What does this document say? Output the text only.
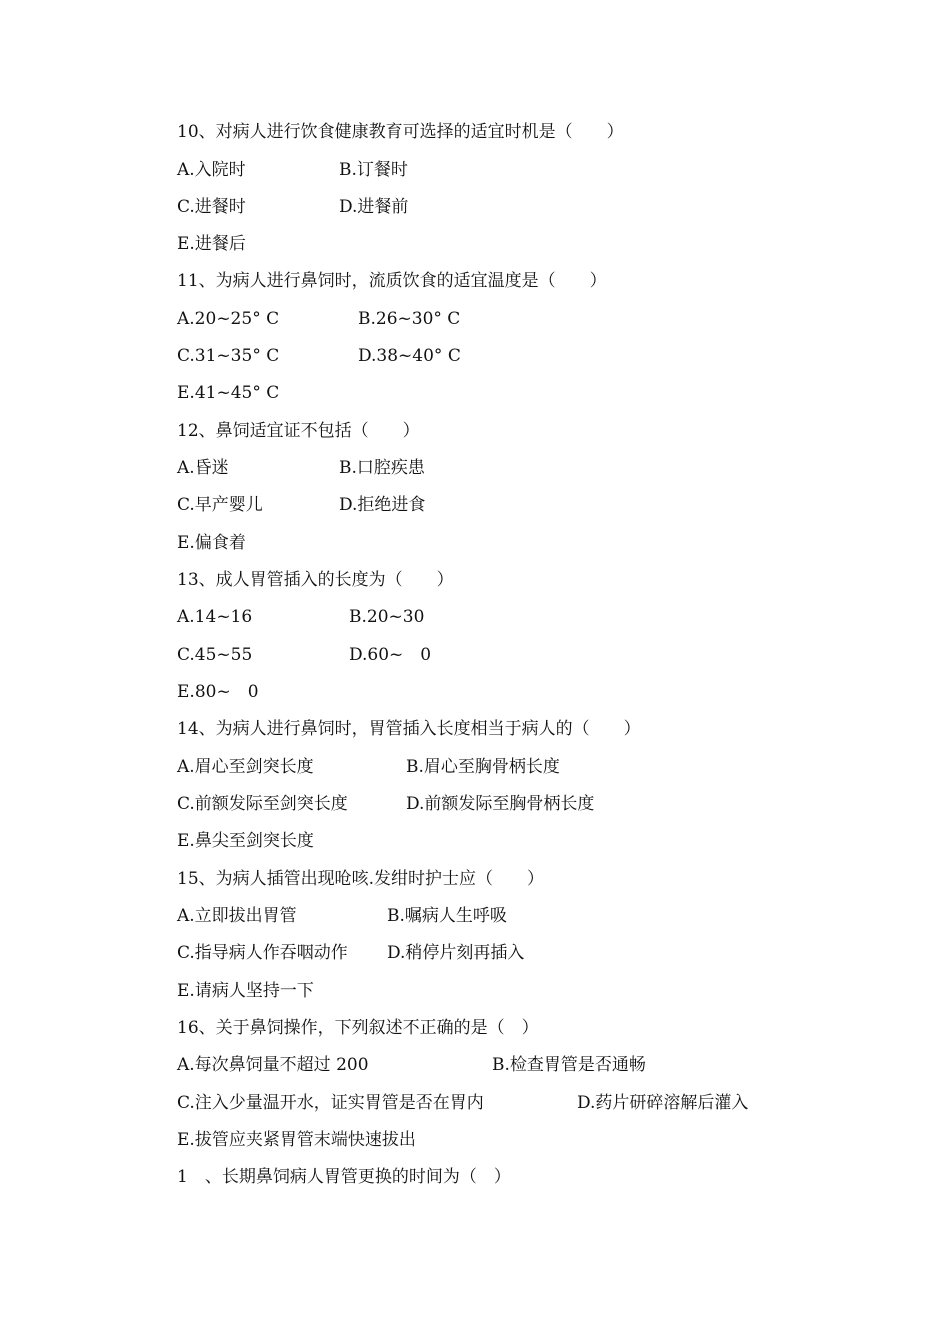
10、对病人进行饮食健康教育可选择的适宜时机是（　　）
A.入院时	B.订餐时
C.进餐时	D.进餐前
E.进餐后
11、为病人进行鼻饲时，流质饮食的适宜温度是（　　）
A.20~25° C	B.26~30° C
C.31~35° C	D.38~40° C
E.41~45° C
12、鼻饲适宜证不包括（　　）
A.昏迷	B.口腔疾患
C.早产婴儿	D.拒绝进食
E.偏食着
13、成人胃管插入的长度为（　　）
A.14~16	B.20~30
C.45~55	D.60~　0
E.80~　0
14、为病人进行鼻饲时，胃管插入长度相当于病人的（　　）
A.眉心至剑突长度	B.眉心至胸骨柄长度
C.前额发际至剑突长度	D.前额发际至胸骨柄长度
E.鼻尖至剑突长度
15、为病人插管出现呛咳.发绀时护士应（　　）
A.立即拔出胃管	B.嘱病人生呼吸
C.指导病人作吞咽动作 D.稍停片刻再插入
E.请病人坚持一下
16、关于鼻饲操作，下列叙述不正确的是（　）
A.每次鼻饲量不超过 200	B.检查胃管是否通畅
C.注入少量温开水，证实胃管是否在胃内	D.药片研碎溶解后灌入
E.拔管应夹紧胃管末端快速拔出
1　、长期鼻饲病人胃管更换的时间为（　）
